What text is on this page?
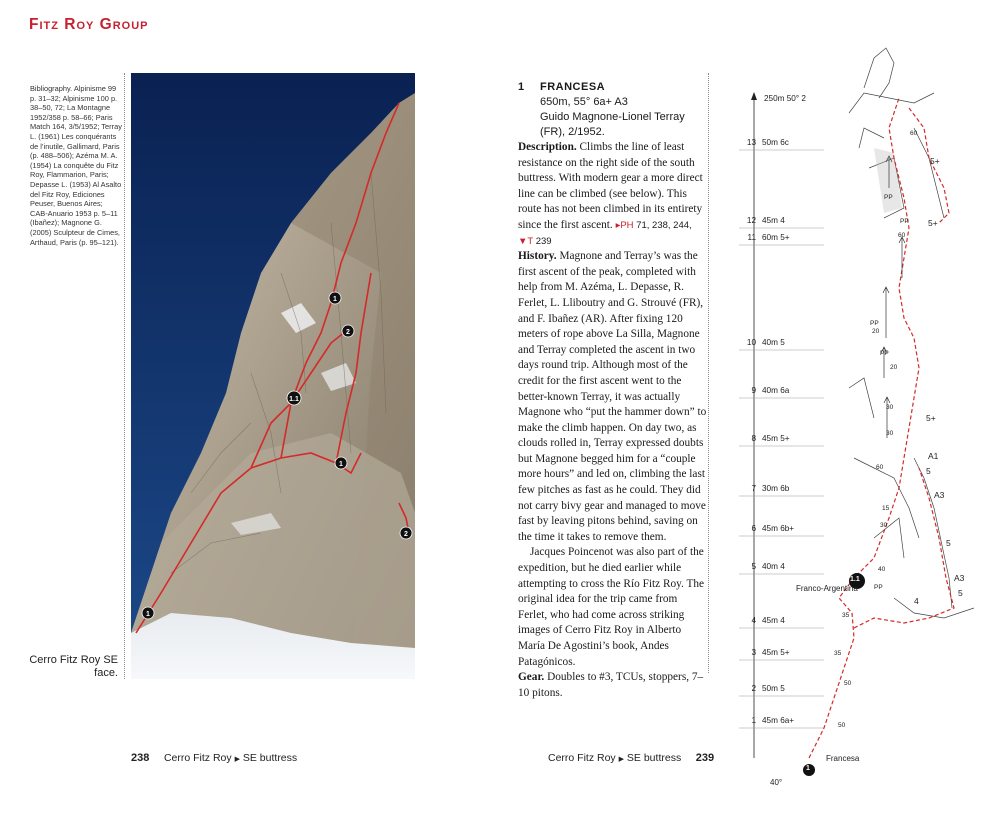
Fitz Roy Group
Bibliography. Alpinisme 99 p. 31–32; Alpinisme 100 p. 38–50, 72; La Montagne 1952/358 p. 58–66; Paris Match 164, 3/5/1952; Terray L. (1961) Les conquérants de l’inutile, Gallimard, Paris (p. 488–506); Azéma M. A. (1954) La conquête du Fitz Roy, Flammarion, Paris; Depasse L. (1953) Al Asalto del Fitz Roy, Ediciones Peuser, Buenos Aires; CAB-Anuario 1953 p. 5–11 (Ibañez); Magnone G. (2005) Sculpteur de Cimes, Arthaud, Paris (p. 95–121).
1
2
1.1
1
2
1
Cerro Fitz Roy SE face.
238 Cerro Fitz Roy ▶ SE buttress
1 FRANCESA
650m, 55° 6a+ A3
Guido Magnone-Lionel Terray
(FR), 2/1952.
Description. Climbs the line of least resistance on the right side of the south buttress. With modern gear a more direct line can be climbed (see below). This route has not been climbed in its entirety since the first ascent. ▸PH 71, 238, 244, ▼T 239
History. Magnone and Terray’s was the first ascent of the peak, completed with help from M. Azéma, L. Depasse, R. Ferlet, L. Lliboutry and G. Strouvé (FR), and F. Ibañez (AR). After fixing 120 meters of rope above La Silla, Magnone and Terray completed the ascent in two days round trip. Although most of the credit for the first ascent went to the better-known Terray, it was actually Magnone who “put the hammer down” to make the climb happen. On day two, as clouds rolled in, Terray expressed doubts but Magnone begged him for a “couple more hours” and led on, climbing the last few pitches as fast as he could. They did not carry bivy gear and managed to move fast by leaving pitons behind, saving on the time it takes to remove them.
Jacques Poincenot was also part of the expedition, but he died earlier while attempting to cross the Río Fitz Roy. The original idea for the trip came from Ferlet, who had come across striking images of Cerro Fitz Roy in Alberto María De Agostini’s book, Andes Patagónicos.
Gear. Doubles to #3, TCUs, stoppers, 7–10 pitons.
Cerro Fitz Roy ▶ SE buttress 239
250m 50° 2
13 50m 6c
12 45m 4
11 60m 5+
10 40m 5
9 40m 6a
8 45m 5+
7 30m 6b
6 45m 6b+
5 40m 4
4 45m 4
3 45m 5+
2 50m 5
1 45m 6a+
Franco-Argentina
Francesa
40°
1.1
1
5+
5+
5+
A1
5
A3
5
A3
5
4
60
PP
PP
60
PP
20
PP
20
30
30
60
15
30
40
35
35
50
50
PP
